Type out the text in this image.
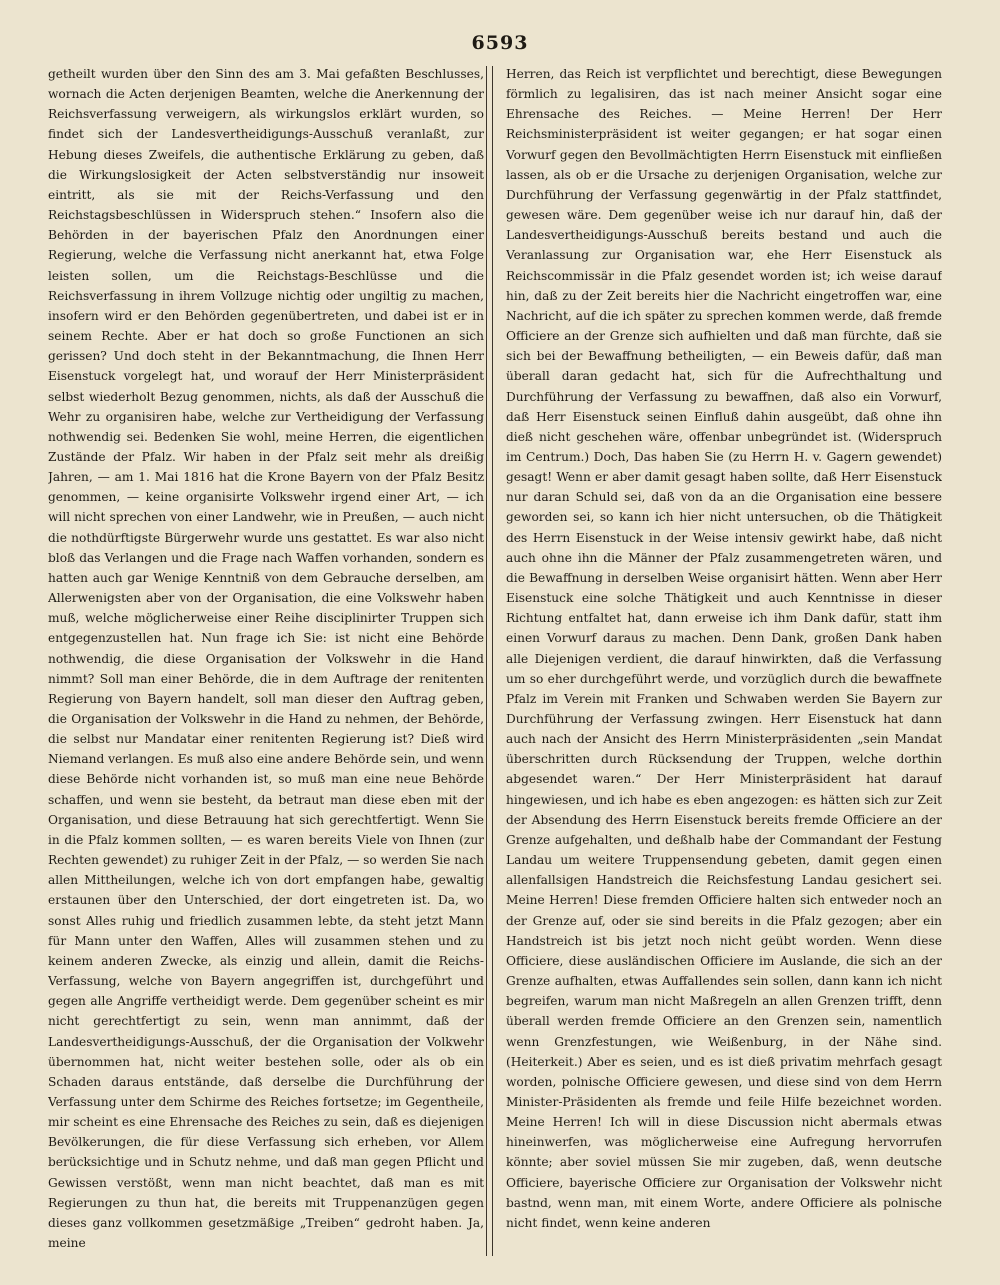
6593

getheilt wurden über den Sinn des am 3. Mai gefaßten Beschlusses, wornach die Acten derjenigen Beamten, welche die Anerkennung der Reichsverfassung verweigern, als wirkungslos erklärt wurden, so findet sich der Landesvertheidigungs-Ausschuß veranlaßt, zur Hebung dieses Zweifels, die authentische Erklärung zu geben, daß die Wirkungslosigkeit der Acten selbstverständig nur insoweit eintritt, als sie mit der Reichs-Verfassung und den Reichstagsbeschlüssen in Widerspruch stehen.“ Insofern also die Behörden in der bayerischen Pfalz den Anordnungen einer Regierung, welche die Verfassung nicht anerkannt hat, etwa Folge leisten sollen, um die Reichstags-Beschlüsse und die Reichsverfassung in ihrem Vollzuge nichtig oder ungiltig zu machen, insofern wird er den Behörden gegenübertreten, und dabei ist er in seinem Rechte. Aber er hat doch so große Functionen an sich gerissen? Und doch steht in der Bekanntmachung, die Ihnen Herr Eisenstuck vorgelegt hat, und worauf der Herr Ministerpräsident selbst wiederholt Bezug genommen, nichts, als daß der Ausschuß die Wehr zu organisiren habe, welche zur Vertheidigung der Verfassung nothwendig sei. Bedenken Sie wohl, meine Herren, die eigentlichen Zustände der Pfalz. Wir haben in der Pfalz seit mehr als dreißig Jahren, — am 1. Mai 1816 hat die Krone Bayern von der Pfalz Besitz genommen, — keine organisirte Volkswehr irgend einer Art, — ich will nicht sprechen von einer Landwehr, wie in Preußen, — auch nicht die nothdürftigste Bürgerwehr wurde uns gestattet. Es war also nicht bloß das Verlangen und die Frage nach Waffen vorhanden, sondern es hatten auch gar Wenige Kenntniß von dem Gebrauche derselben, am Allerwenigsten aber von der Organisation, die eine Volkswehr haben muß, welche möglicherweise einer Reihe disciplinirter Truppen sich entgegenzustellen hat. Nun frage ich Sie: ist nicht eine Behörde nothwendig, die diese Organisation der Volkswehr in die Hand nimmt? Soll man einer Behörde, die in dem Auftrage der renitenten Regierung von Bayern handelt, soll man dieser den Auftrag geben, die Organisation der Volkswehr in die Hand zu nehmen, der Behörde, die selbst nur Mandatar einer renitenten Regierung ist? Dieß wird Niemand verlangen. Es muß also eine andere Behörde sein, und wenn diese Behörde nicht vorhanden ist, so muß man eine neue Behörde schaffen, und wenn sie besteht, da betraut man diese eben mit der Organisation, und diese Betrauung hat sich gerechtfertigt. Wenn Sie in die Pfalz kommen sollten, — es waren bereits Viele von Ihnen (zur Rechten gewendet) zu ruhiger Zeit in der Pfalz, — so werden Sie nach allen Mittheilungen, welche ich von dort empfangen habe, gewaltig erstaunen über den Unterschied, der dort eingetreten ist. Da, wo sonst Alles ruhig und friedlich zusammen lebte, da steht jetzt Mann für Mann unter den Waffen, Alles will zusammen stehen und zu keinem anderen Zwecke, als einzig und allein, damit die Reichs-Verfassung, welche von Bayern angegriffen ist, durchgeführt und gegen alle Angriffe vertheidigt werde. Dem gegenüber scheint es mir nicht gerechtfertigt zu sein, wenn man annimmt, daß der Landesvertheidigungs-Ausschuß, der die Organisation der Volkwehr übernommen hat, nicht weiter bestehen solle, oder als ob ein Schaden daraus entstände, daß derselbe die Durchführung der Verfassung unter dem Schirme des Reiches fortsetze; im Gegentheile, mir scheint es eine Ehrensache des Reiches zu sein, daß es diejenigen Bevölkerungen, die für diese Verfassung sich erheben, vor Allem berücksichtige und in Schutz nehme, und daß man gegen Pflicht und Gewissen verstößt, wenn man nicht beachtet, daß man es mit Regierungen zu thun hat, die bereits mit Truppenanzügen gegen dieses ganz vollkommen gesetzmäßige „Treiben“ gedroht haben. Ja, meine

Herren, das Reich ist verpflichtet und berechtigt, diese Bewegungen förmlich zu legalisiren, das ist nach meiner Ansicht sogar eine Ehrensache des Reiches. — Meine Herren! Der Herr Reichsministerpräsident ist weiter gegangen; er hat sogar einen Vorwurf gegen den Bevollmächtigten Herrn Eisenstuck mit einfließen lassen, als ob er die Ursache zu derjenigen Organisation, welche zur Durchführung der Verfassung gegenwärtig in der Pfalz stattfindet, gewesen wäre. Dem gegenüber weise ich nur darauf hin, daß der Landesvertheidigungs-Ausschuß bereits bestand und auch die Veranlassung zur Organisation war, ehe Herr Eisenstuck als Reichscommissär in die Pfalz gesendet worden ist; ich weise darauf hin, daß zu der Zeit bereits hier die Nachricht eingetroffen war, eine Nachricht, auf die ich später zu sprechen kommen werde, daß fremde Officiere an der Grenze sich aufhielten und daß man fürchte, daß sie sich bei der Bewaffnung betheiligten, — ein Beweis dafür, daß man überall daran gedacht hat, sich für die Aufrechthaltung und Durchführung der Verfassung zu bewaffnen, daß also ein Vorwurf, daß Herr Eisenstuck seinen Einfluß dahin ausgeübt, daß ohne ihn dieß nicht geschehen wäre, offenbar unbegründet ist. (Widerspruch im Centrum.) Doch, Das haben Sie (zu Herrn H. v. Gagern gewendet) gesagt! Wenn er aber damit gesagt haben sollte, daß Herr Eisenstuck nur daran Schuld sei, daß von da an die Organisation eine bessere geworden sei, so kann ich hier nicht untersuchen, ob die Thätigkeit des Herrn Eisenstuck in der Weise intensiv gewirkt habe, daß nicht auch ohne ihn die Männer der Pfalz zusammengetreten wären, und die Bewaffnung in derselben Weise organisirt hätten. Wenn aber Herr Eisenstuck eine solche Thätigkeit und auch Kenntnisse in dieser Richtung entfaltet hat, dann erweise ich ihm Dank dafür, statt ihm einen Vorwurf daraus zu machen. Denn Dank, großen Dank haben alle Diejenigen verdient, die darauf hinwirkten, daß die Verfassung um so eher durchgeführt werde, und vorzüglich durch die bewaffnete Pfalz im Verein mit Franken und Schwaben werden Sie Bayern zur Durchführung der Verfassung zwingen. Herr Eisenstuck hat dann auch nach der Ansicht des Herrn Ministerpräsidenten „sein Mandat überschritten durch Rücksendung der Truppen, welche dorthin abgesendet waren.“ Der Herr Ministerpräsident hat darauf hingewiesen, und ich habe es eben angezogen: es hätten sich zur Zeit der Absendung des Herrn Eisenstuck bereits fremde Officiere an der Grenze aufgehalten, und deßhalb habe der Commandant der Festung Landau um weitere Truppensendung gebeten, damit gegen einen allenfallsigen Handstreich die Reichsfestung Landau gesichert sei. Meine Herren! Diese fremden Officiere halten sich entweder noch an der Grenze auf, oder sie sind bereits in die Pfalz gezogen; aber ein Handstreich ist bis jetzt noch nicht geübt worden. Wenn diese Officiere, diese ausländischen Officiere im Auslande, die sich an der Grenze aufhalten, etwas Auffallendes sein sollen, dann kann ich nicht begreifen, warum man nicht Maßregeln an allen Grenzen trifft, denn überall werden fremde Officiere an den Grenzen sein, namentlich wenn Grenzfestungen, wie Weißenburg, in der Nähe sind. (Heiterkeit.) Aber es seien, und es ist dieß privatim mehrfach gesagt worden, polnische Officiere gewesen, und diese sind von dem Herrn Minister-Präsidenten als fremde und feile Hilfe bezeichnet worden. Meine Herren! Ich will in diese Discussion nicht abermals etwas hineinwerfen, was möglicherweise eine Aufregung hervorrufen könnte; aber soviel müssen Sie mir zugeben, daß, wenn deutsche Officiere, bayerische Officiere zur Organisation der Volkswehr nicht bastnd, wenn man, mit einem Worte, andere Officiere als polnische nicht findet, wenn keine anderen
